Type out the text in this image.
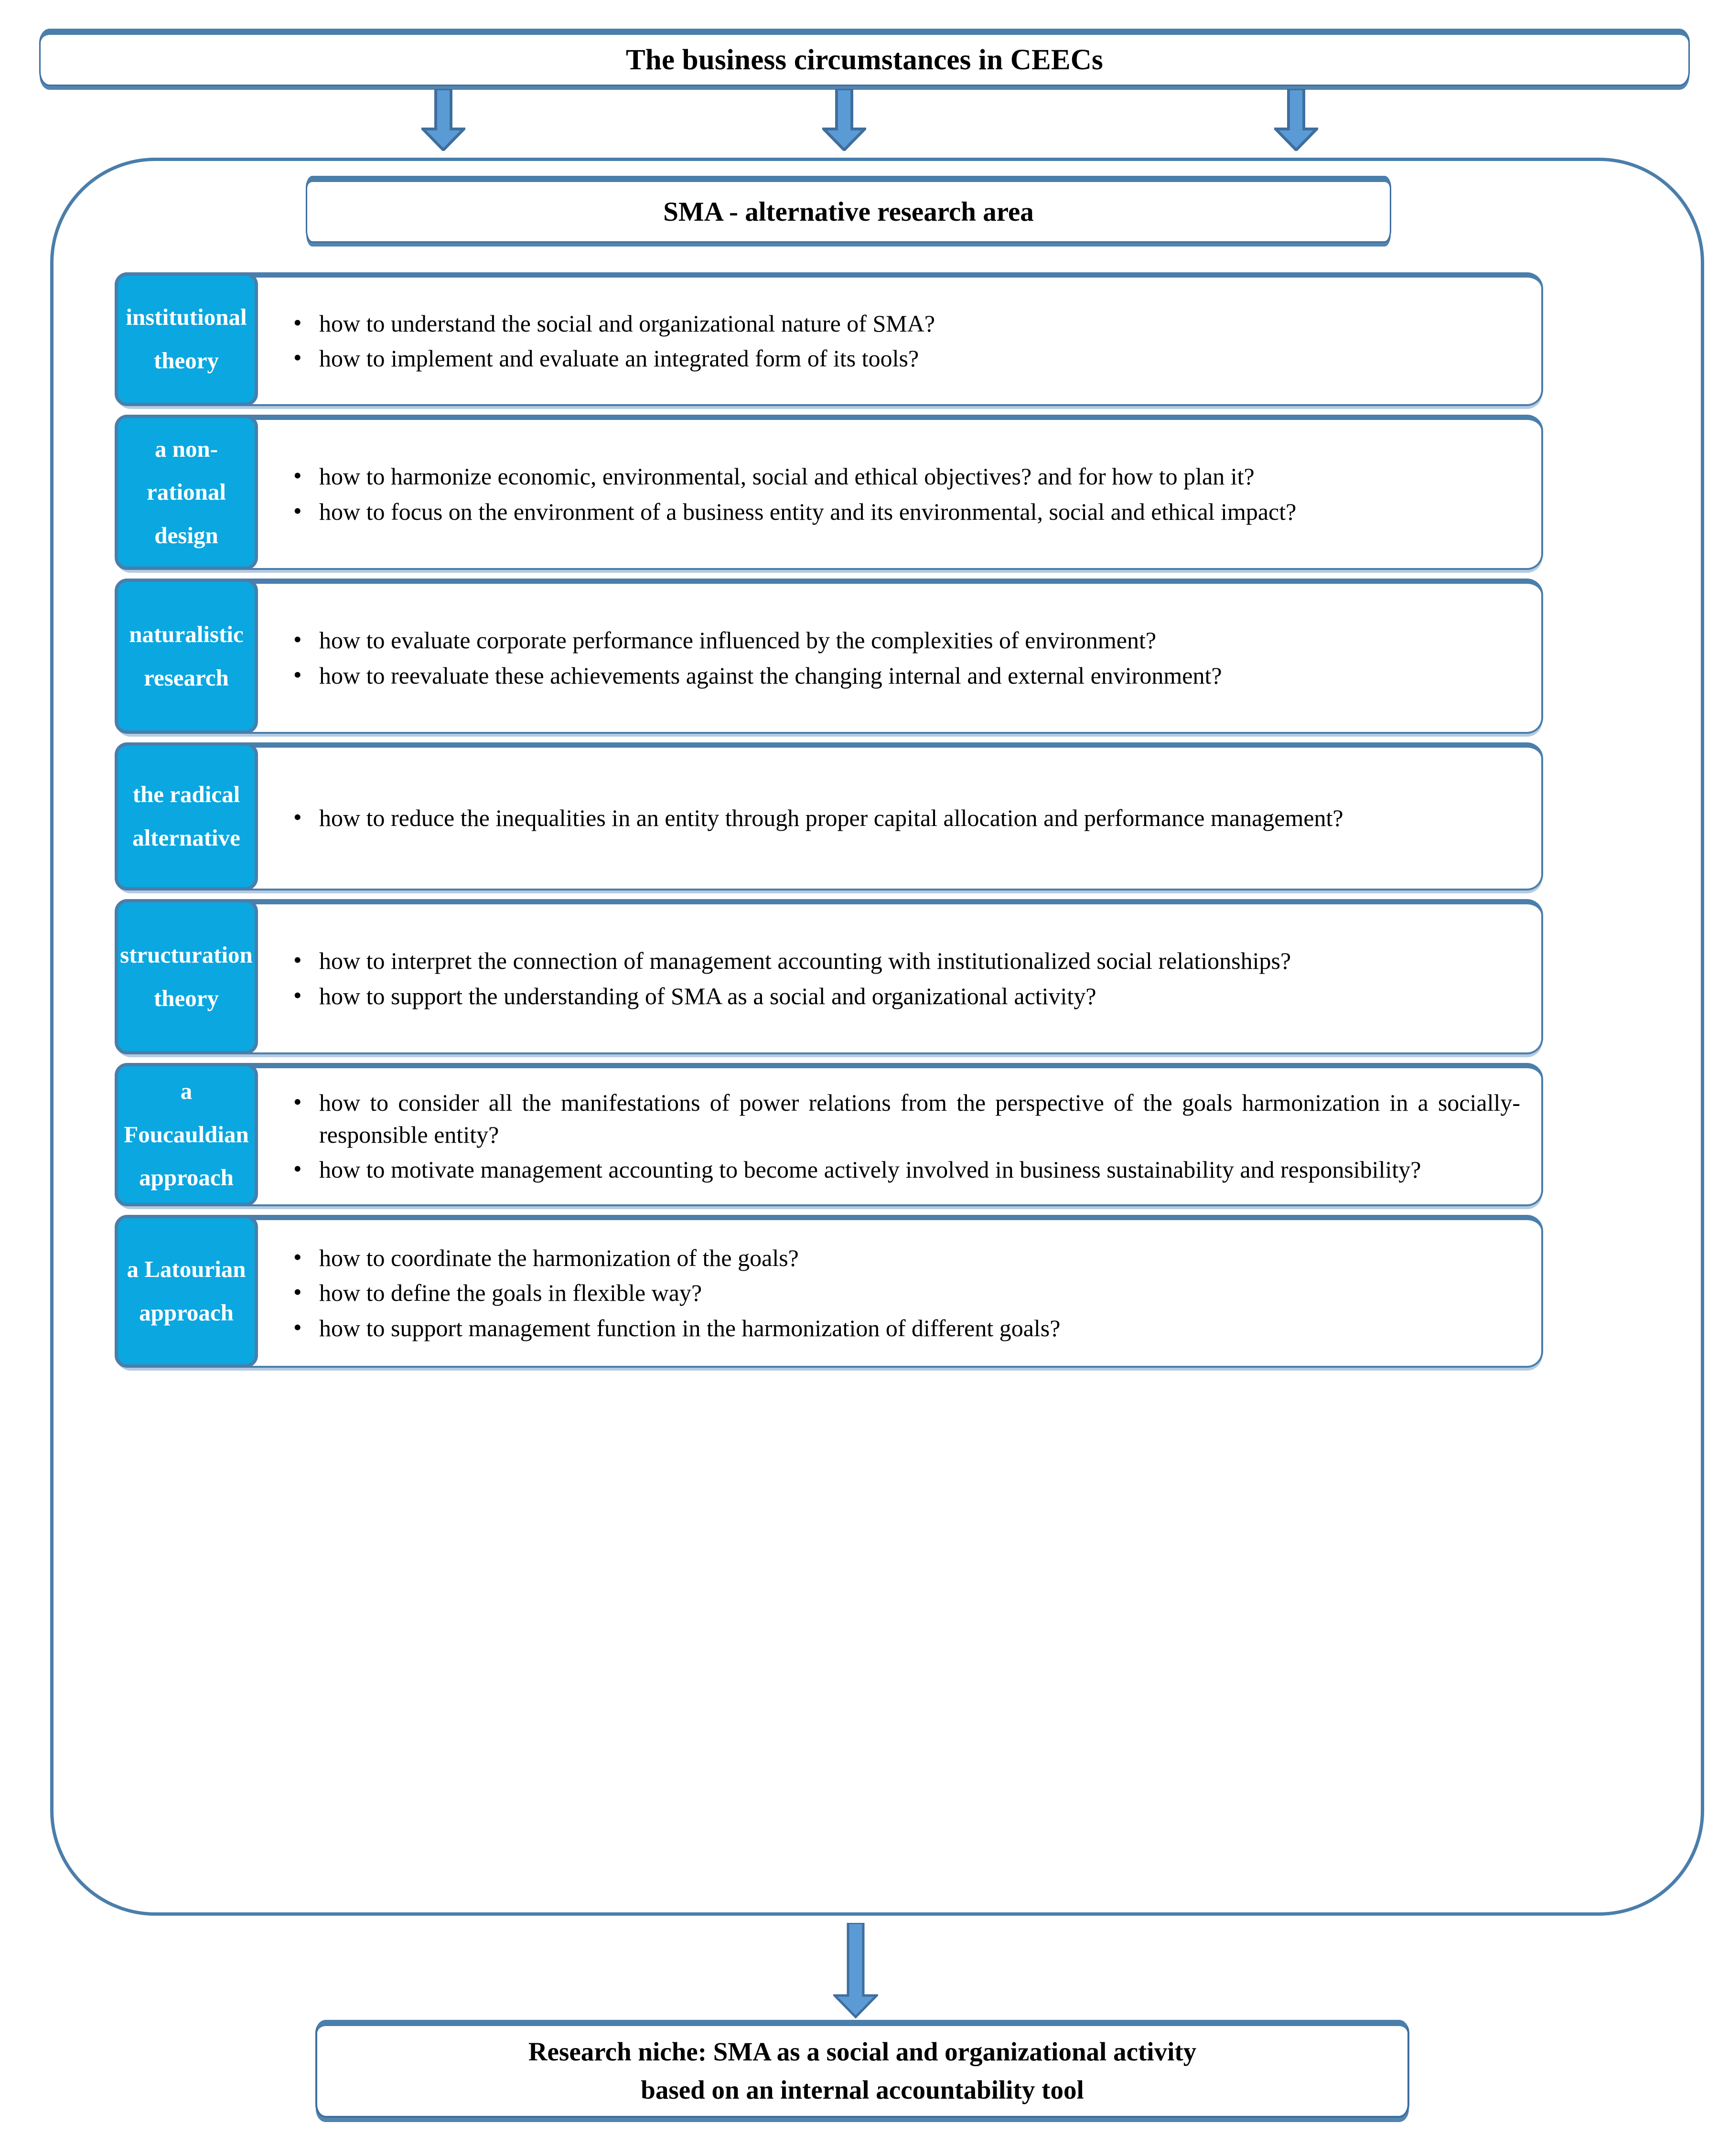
The business circumstances in CEECs
SMA - alternative research area
institutional
theory
• how to understand the social and organizational nature of SMA?
• how to implement and evaluate an integrated form of its tools?
a non-
rational
design
• how to harmonize economic, environmental, social and ethical objectives? and for how to plan it?
• how to focus on the environment of a business entity and its environmental, social and ethical impact?
naturalistic
research
• how to evaluate corporate performance influenced by the complexities of environment?
• how to reevaluate these achievements against the changing internal and external environment?
the radical
alternative
• how to reduce the inequalities in an entity through proper capital allocation and performance management?
structuration
theory
• how to interpret the connection of management accounting with institutionalized social relationships?
• how to support the understanding of SMA as a social and organizational activity?
a
Foucauldian
approach
• how to consider all the manifestations of power relations from the perspective of the goals harmonization in a socially-responsible entity?
• how to motivate management accounting to become actively involved in business sustainability and responsibility?
a Latourian
approach
• how to coordinate the harmonization of the goals?
• how to define the goals in flexible way?
• how to support management function in the harmonization of different goals?
Research niche: SMA as a social and organizational activity
based on an internal accountability tool
